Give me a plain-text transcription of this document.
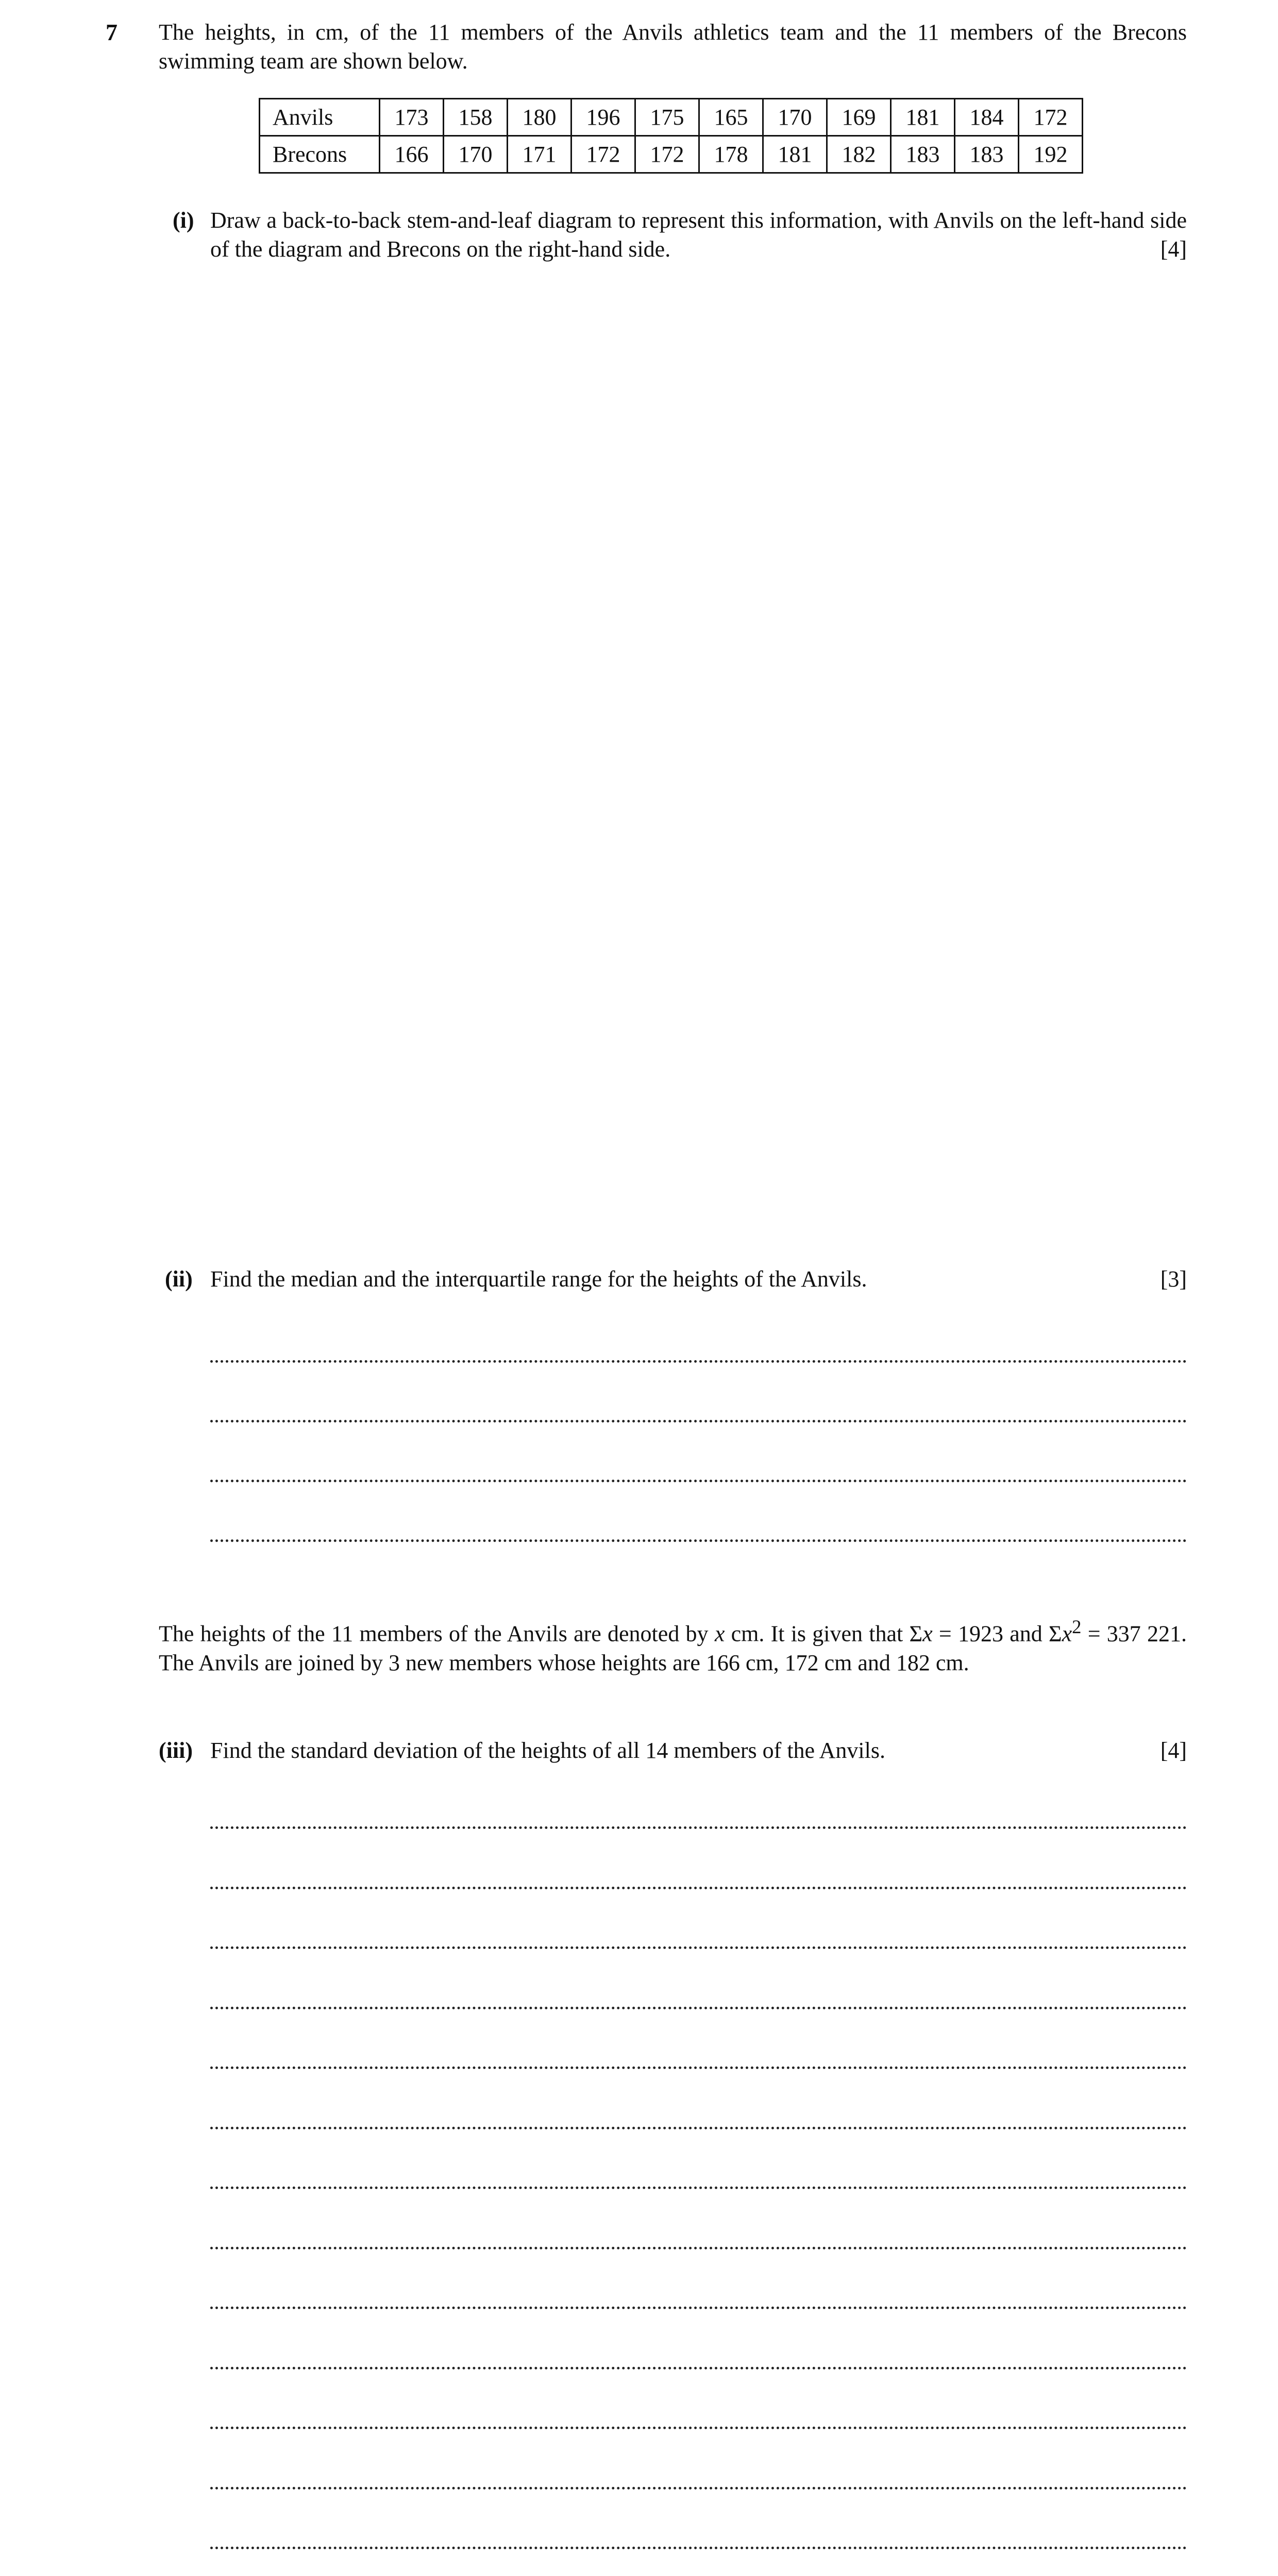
7 The heights, in cm, of the 11 members of the Anvils athletics team and the 11 members of the Brecons swimming team are shown below.
Anvils	173	158	180	196	175	165	170	169	181	184	172
Brecons	166	170	171	172	172	178	181	182	183	183	192
(i) Draw a back-to-back stem-and-leaf diagram to represent this information, with Anvils on the left-hand side of the diagram and Brecons on the right-hand side.	[4]
(ii) Find the median and the interquartile range for the heights of the Anvils.	[3]
The heights of the 11 members of the Anvils are denoted by x cm. It is given that Σx = 1923 and $\Sigma x^2 = 337$ 221. The Anvils are joined by 3 new members whose heights are 166 cm, 172 cm and 182 cm.
(iii) Find the standard deviation of the heights of all 14 members of the Anvils.	[4]
